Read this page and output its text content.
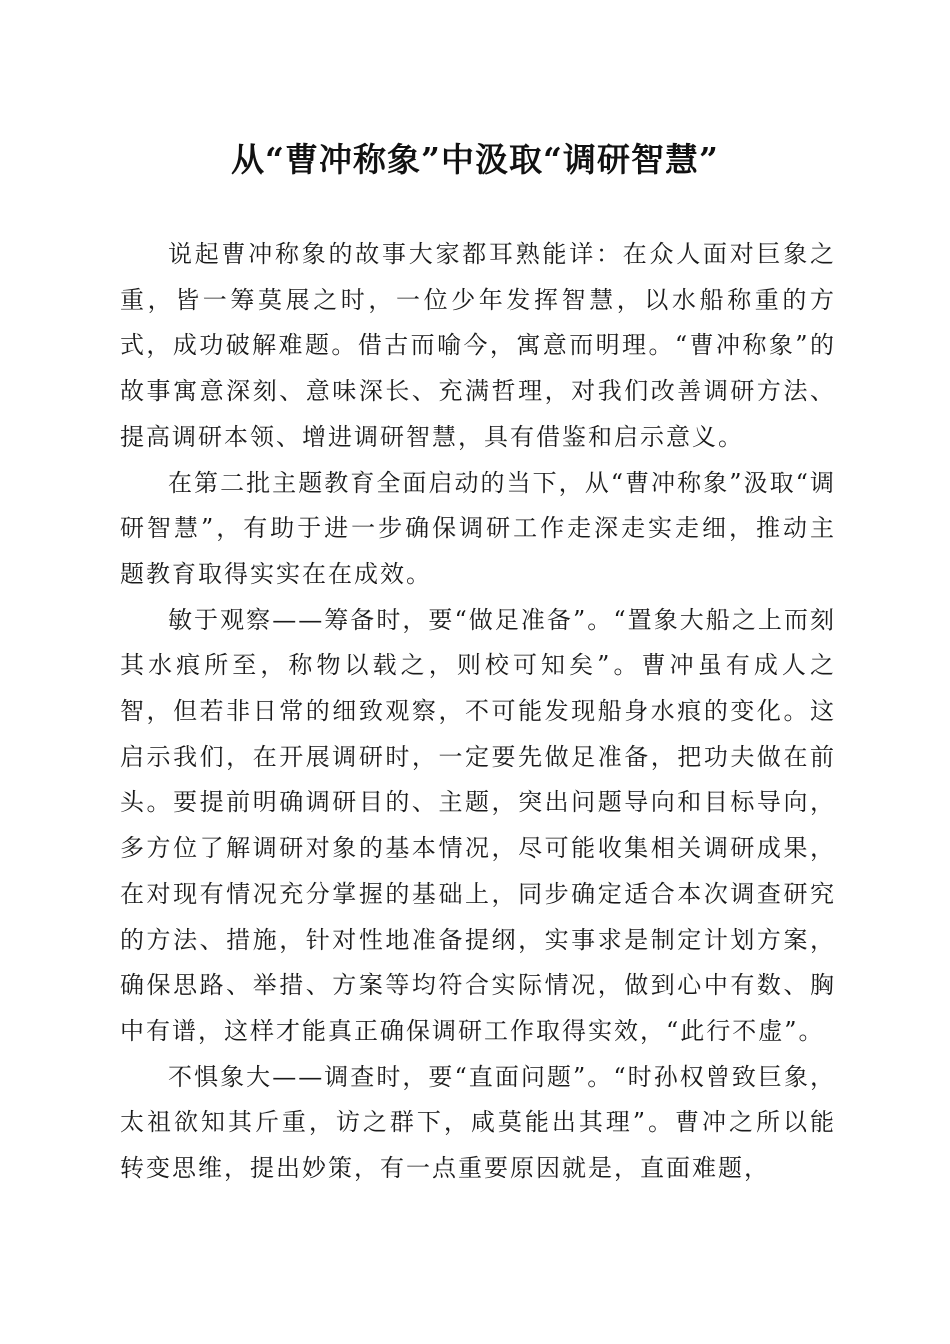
从“曹冲称象”中汲取“调研智慧”

说起曹冲称象的故事大家都耳熟能详：在众人面对巨象之重，皆一筹莫展之时，一位少年发挥智慧，以水船称重的方式，成功破解难题。借古而喻今，寓意而明理。“曹冲称象”的故事寓意深刻、意味深长、充满哲理，对我们改善调研方法、提高调研本领、增进调研智慧，具有借鉴和启示意义。

在第二批主题教育全面启动的当下，从“曹冲称象”汲取“调研智慧”，有助于进一步确保调研工作走深走实走细，推动主题教育取得实实在在成效。

敏于观察——筹备时，要“做足准备”。“置象大船之上而刻其水痕所至，称物以载之，则校可知矣”。曹冲虽有成人之智，但若非日常的细致观察，不可能发现船身水痕的变化。这启示我们，在开展调研时，一定要先做足准备，把功夫做在前头。要提前明确调研目的、主题，突出问题导向和目标导向，多方位了解调研对象的基本情况，尽可能收集相关调研成果，在对现有情况充分掌握的基础上，同步确定适合本次调查研究的方法、措施，针对性地准备提纲，实事求是制定计划方案，确保思路、举措、方案等均符合实际情况，做到心中有数、胸中有谱，这样才能真正确保调研工作取得实效，“此行不虚”。

不惧象大——调查时，要“直面问题”。“时孙权曾致巨象，太祖欲知其斤重，访之群下，咸莫能出其理”。曹冲之所以能转变思维，提出妙策，有一点重要原因就是，直面难题，
